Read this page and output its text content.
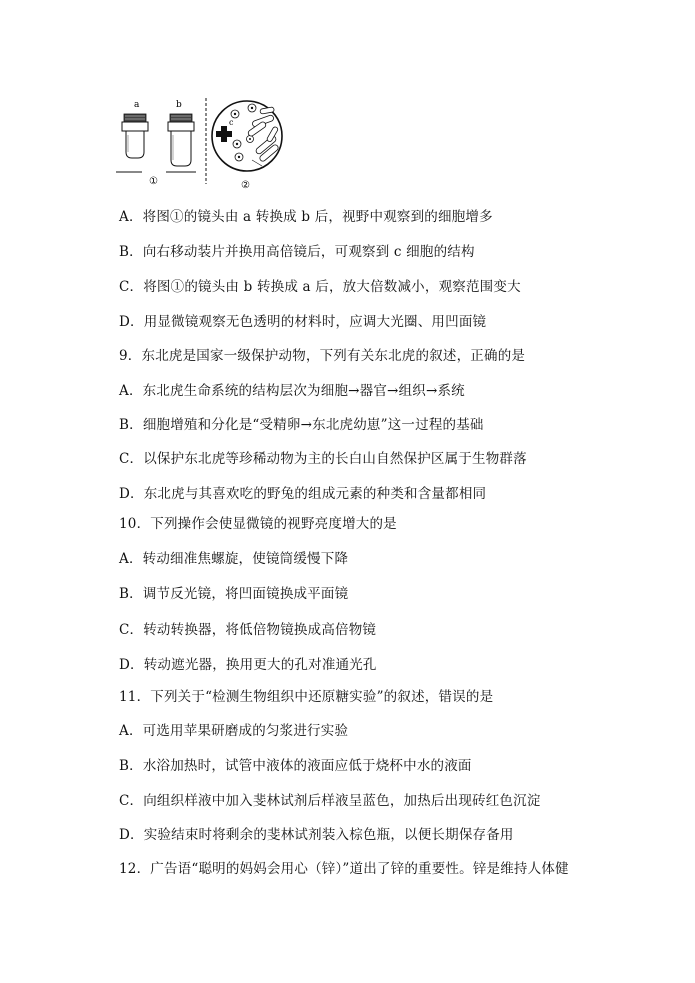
a	b
①
c
②
A．将图①的镜头由 a 转换成 b 后，视野中观察到的细胞增多
B．向右移动装片并换用高倍镜后，可观察到 c 细胞的结构
C．将图①的镜头由 b 转换成 a 后，放大倍数减小，观察范围变大
D．用显微镜观察无色透明的材料时，应调大光圈、用凹面镜
9．东北虎是国家一级保护动物，下列有关东北虎的叙述，正确的是
A．东北虎生命系统的结构层次为细胞→器官→组织→系统
B．细胞增殖和分化是“受精卵→东北虎幼崽”这一过程的基础
C．以保护东北虎等珍稀动物为主的长白山自然保护区属于生物群落
D．东北虎与其喜欢吃的野兔的组成元素的种类和含量都相同
10．下列操作会使显微镜的视野亮度增大的是
A．转动细准焦螺旋，使镜筒缓慢下降
B．调节反光镜，将凹面镜换成平面镜
C．转动转换器，将低倍物镜换成高倍物镜
D．转动遮光器，换用更大的孔对准通光孔
11．下列关于“检测生物组织中还原糖实验”的叙述，错误的是
A．可选用苹果研磨成的匀浆进行实验
B．水浴加热时，试管中液体的液面应低于烧杯中水的液面
C．向组织样液中加入斐林试剂后样液呈蓝色，加热后出现砖红色沉淀
D．实验结束时将剩余的斐林试剂装入棕色瓶，以便长期保存备用
12．广告语“聪明的妈妈会用心（锌）”道出了锌的重要性。锌是维持人体健
